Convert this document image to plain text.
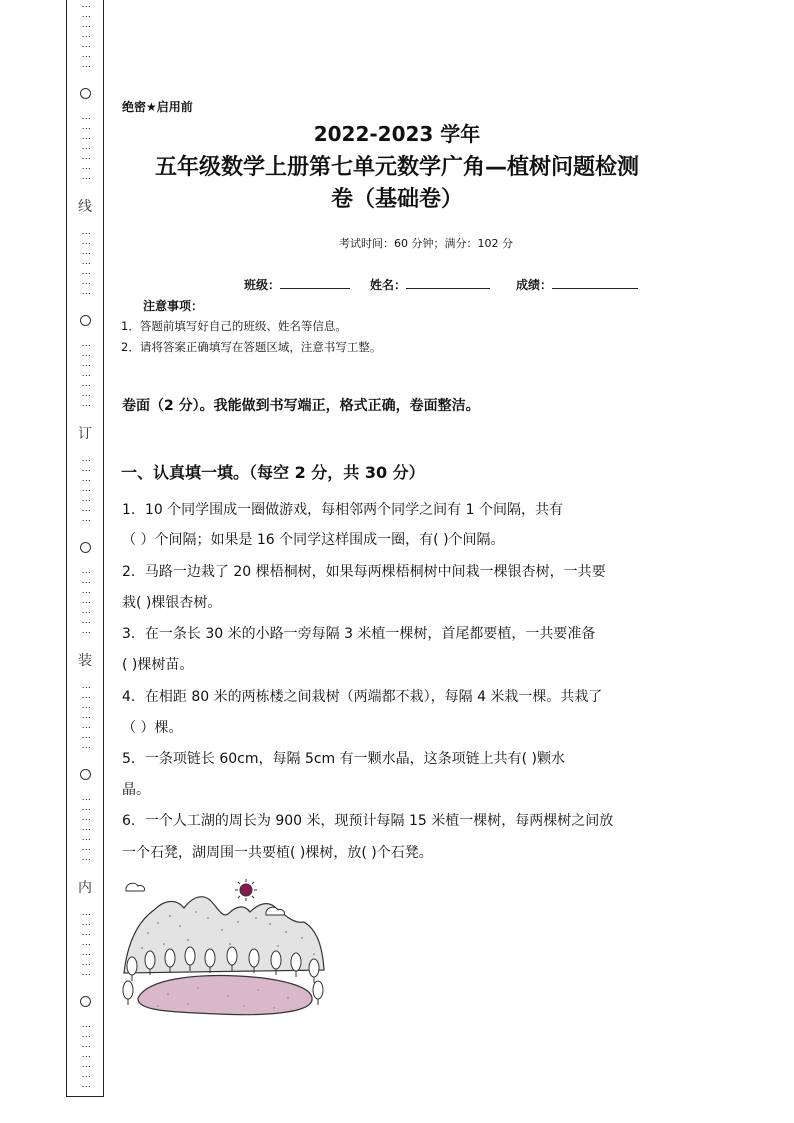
⋮⋮⋮⋮⋮⋮⋮
⋮⋮⋮⋮⋮⋮⋮
线
⋮⋮⋮⋮⋮⋮⋮
⋮⋮⋮⋮⋮⋮⋮
订
⋮⋮⋮⋮⋮⋮⋮
⋮⋮⋮⋮⋮⋮⋮
装
⋮⋮⋮⋮⋮⋮⋮
⋮⋮⋮⋮⋮⋮⋮
内
⋮⋮⋮⋮⋮⋮⋮
⋮⋮⋮⋮⋮⋮⋮
绝密★启用前
2022-2023 学年
五年级数学上册第七单元数学广角—植树问题检测
卷（基础卷）
考试时间：60 分钟；满分：102 分
班级：	姓名：	成绩：
注意事项：
1．答题前填写好自己的班级、姓名等信息。
2．请将答案正确填写在答题区域，注意书写工整。
卷面（2 分）。我能做到书写端正，格式正确，卷面整洁。
一、认真填一填。（每空 2 分，共 30 分）
1．10 个同学围成一圈做游戏，每相邻两个同学之间有 1 个间隔，共有
（ ）个间隔；如果是 16 个同学这样围成一圈，有( )个间隔。
2．马路一边栽了 20 棵梧桐树，如果每两棵梧桐树中间栽一棵银杏树，一共要
栽( )棵银杏树。
3．在一条长 30 米的小路一旁每隔 3 米植一棵树，首尾都要植，一共要准备
( )棵树苗。
4．在相距 80 米的两栋楼之间栽树（两端都不栽），每隔 4 米栽一棵。共栽了
（ ）棵。
5．一条项链长 60cm，每隔 5cm 有一颗水晶，这条项链上共有( )颗水
晶。
6．一个人工湖的周长为 900 米，现预计每隔 15 米植一棵树，每两棵树之间放
一个石凳，湖周围一共要植( )棵树，放( )个石凳。
